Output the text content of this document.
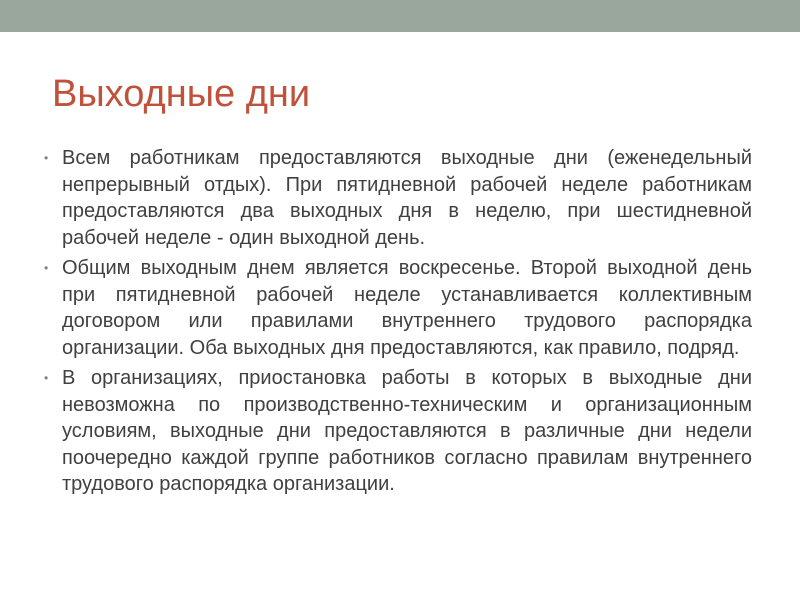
Выходные дни
• Всем работникам предоставляются выходные дни (еженедельный непрерывный отдых). При пятидневной рабочей неделе работникам предоставляются два выходных дня в неделю, при шестидневной рабочей неделе - один выходной день.
• Общим выходным днем является воскресенье. Второй выходной день при пятидневной рабочей неделе устанавливается коллективным договором или правилами внутреннего трудового распорядка организации. Оба выходных дня предоставляются, как правило, подряд.
• В организациях, приостановка работы в которых в выходные дни невозможна по производственно-техническим и организационным условиям, выходные дни предоставляются в различные дни недели поочередно каждой группе работников согласно правилам внутреннего трудового распорядка организации.
